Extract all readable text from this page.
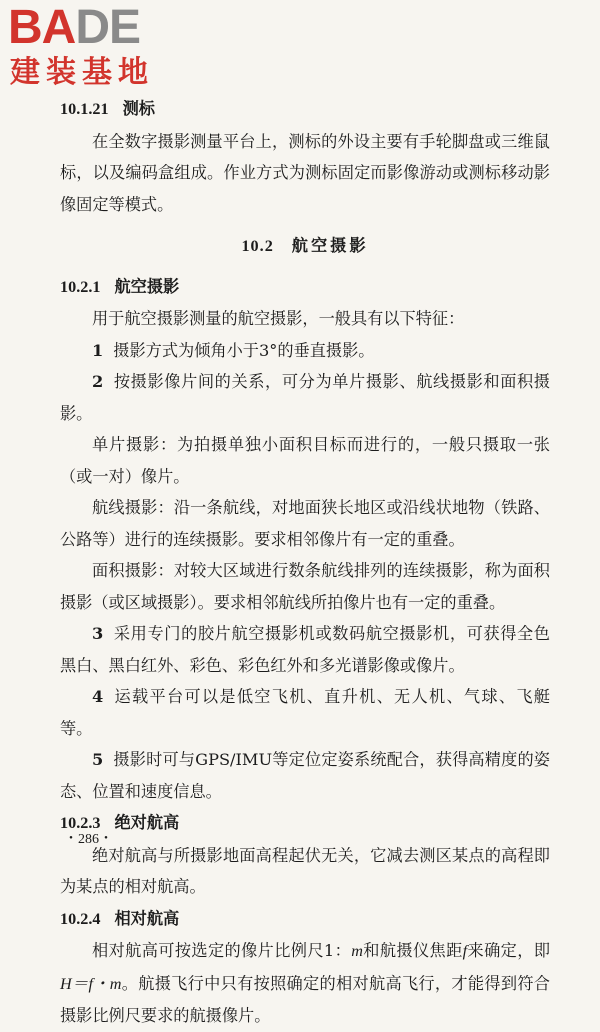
BADE
建装基地

10.1.21 测标

在全数字摄影测量平台上，测标的外设主要有手轮脚盘或三维鼠标，以及编码盒组成。作业方式为测标固定而影像游动或测标移动影像固定等模式。

10.2 航空摄影

10.2.1 航空摄影

用于航空摄影测量的航空摄影，一般具有以下特征：

1 摄影方式为倾角小于3°的垂直摄影。

2 按摄影像片间的关系，可分为单片摄影、航线摄影和面积摄影。

单片摄影：为拍摄单独小面积目标而进行的，一般只摄取一张（或一对）像片。

航线摄影：沿一条航线，对地面狭长地区或沿线状地物（铁路、公路等）进行的连续摄影。要求相邻像片有一定的重叠。

面积摄影：对较大区域进行数条航线排列的连续摄影，称为面积摄影（或区域摄影）。要求相邻航线所拍像片也有一定的重叠。

3 采用专门的胶片航空摄影机或数码航空摄影机，可获得全色黑白、黑白红外、彩色、彩色红外和多光谱影像或像片。

4 运载平台可以是低空飞机、直升机、无人机、气球、飞艇等。

5 摄影时可与GPS/IMU等定位定姿系统配合，获得高精度的姿态、位置和速度信息。

10.2.3 绝对航高

绝对航高与所摄影地面高程起伏无关，它减去测区某点的高程即为某点的相对航高。

10.2.4 相对航高

相对航高可按选定的像片比例尺1：m和航摄仪焦距f来确定，即H＝f・m。航摄飞行中只有按照确定的相对航高飞行，才能得到符合摄影比例尺要求的航摄像片。

・286・
